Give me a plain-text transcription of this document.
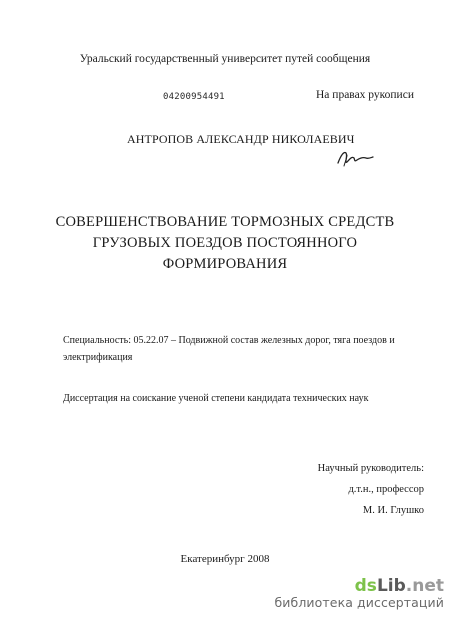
Уральский государственный университет путей сообщения
04200954491	На правах рукописи
АНТРОПОВ АЛЕКСАНДР НИКОЛАЕВИЧ
СОВЕРШЕНСТВОВАНИЕ ТОРМОЗНЫХ СРЕДСТВ
ГРУЗОВЫХ ПОЕЗДОВ ПОСТОЯННОГО
ФОРМИРОВАНИЯ
Специальность: 05.22.07 – Подвижной состав железных дорог, тяга поездов и
электрификация
Диссертация на соискание ученой степени кандидата технических наук
Научный руководитель:
д.т.н., профессор
М. И. Глушко
Екатеринбург 2008
dsLib.net
библиотека диссертаций
